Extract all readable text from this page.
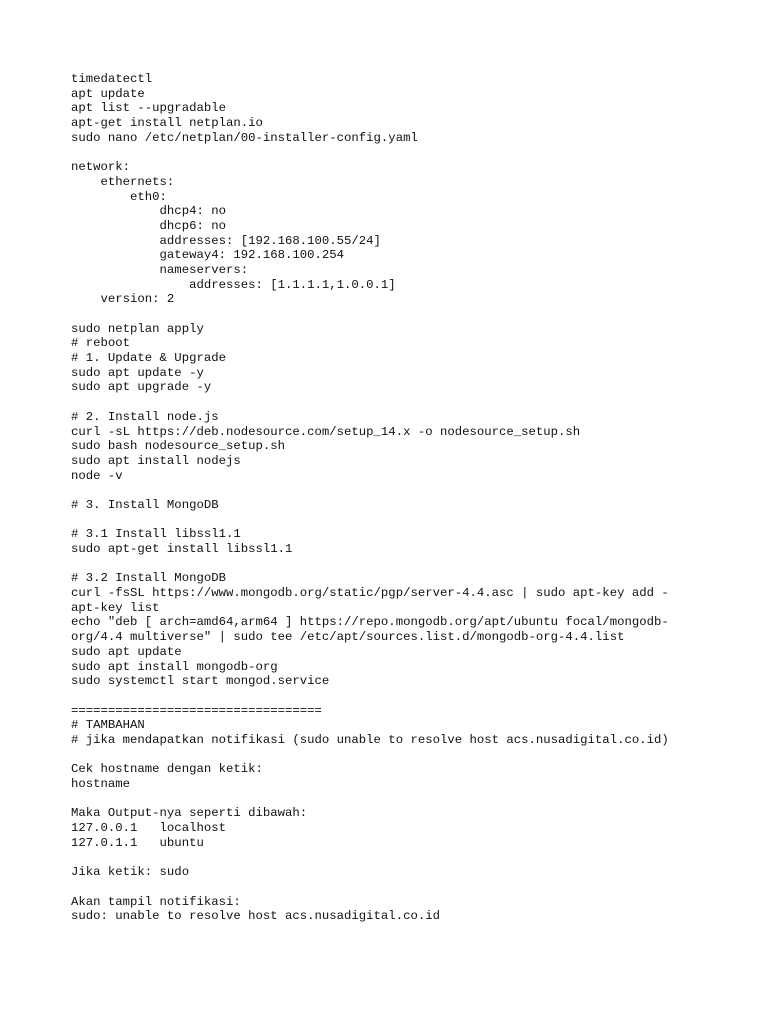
timedatectl
apt update
apt list --upgradable
apt-get install netplan.io
sudo nano /etc/netplan/00-installer-config.yaml
network:
ethernets:
eth0:
dhcp4: no
dhcp6: no
addresses: [192.168.100.55/24]
gateway4: 192.168.100.254
nameservers:
addresses: [1.1.1.1,1.0.0.1]
version: 2
sudo netplan apply
# reboot
# 1. Update & Upgrade
sudo apt update -y
sudo apt upgrade -y
# 2. Install node.js
curl -sL https://deb.nodesource.com/setup_14.x -o nodesource_setup.sh
sudo bash nodesource_setup.sh
sudo apt install nodejs
node -v
# 3. Install MongoDB
# 3.1 Install libssl1.1
sudo apt-get install libssl1.1
# 3.2 Install MongoDB
curl -fsSL https://www.mongodb.org/static/pgp/server-4.4.asc | sudo apt-key add -
apt-key list
echo "deb [ arch=amd64,arm64 ] https://repo.mongodb.org/apt/ubuntu focal/mongodb-
org/4.4 multiverse" | sudo tee /etc/apt/sources.list.d/mongodb-org-4.4.list
sudo apt update
sudo apt install mongodb-org
sudo systemctl start mongod.service
==================================
# TAMBAHAN
# jika mendapatkan notifikasi (sudo unable to resolve host acs.nusadigital.co.id)
Cek hostname dengan ketik:
hostname
Maka Output-nya seperti dibawah:
127.0.0.1   localhost
127.0.1.1   ubuntu
Jika ketik: sudo
Akan tampil notifikasi:
sudo: unable to resolve host acs.nusadigital.co.id
